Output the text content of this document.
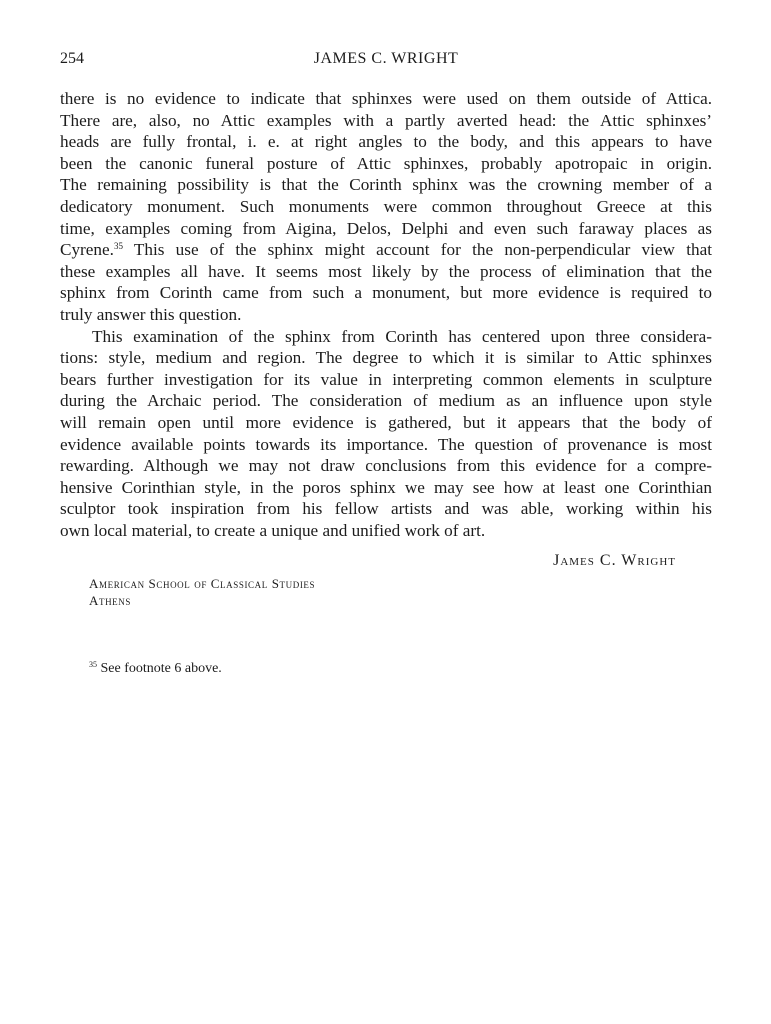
254	JAMES C. WRIGHT
there is no evidence to indicate that sphinxes were used on them outside of Attica.
There are, also, no Attic examples with a partly averted head: the Attic sphinxes’
heads are fully frontal, i. e. at right angles to the body, and this appears to have
been the canonic funeral posture of Attic sphinxes, probably apotropaic in origin.
The remaining possibility is that the Corinth sphinx was the crowning member of a
dedicatory monument. Such monuments were common throughout Greece at this
time, examples coming from Aigina, Delos, Delphi and even such faraway places as
Cyrene.$^{35}$ This use of the sphinx might account for the non-perpendicular view that
these examples all have. It seems most likely by the process of elimination that the
sphinx from Corinth came from such a monument, but more evidence is required to
truly answer this question.
This examination of the sphinx from Corinth has centered upon three considera-
tions: style, medium and region. The degree to which it is similar to Attic sphinxes
bears further investigation for its value in interpreting common elements in sculpture
during the Archaic period. The consideration of medium as an influence upon style
will remain open until more evidence is gathered, but it appears that the body of
evidence available points towards its importance. The question of provenance is most
rewarding. Although we may not draw conclusions from this evidence for a compre-
hensive Corinthian style, in the poros sphinx we may see how at least one Corinthian
sculptor took inspiration from his fellow artists and was able, working within his
own local material, to create a unique and unified work of art.
James C. Wright
American School of Classical Studies
Athens
$^{35}$ See footnote 6 above.
